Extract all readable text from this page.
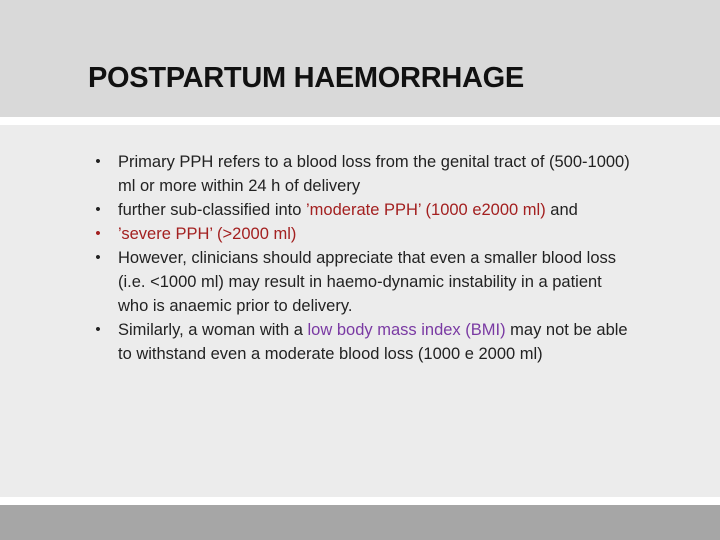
POSTPARTUM HAEMORRHAGE
•	Primary PPH refers to a blood loss from the genital tract of (500-1000) ml or more within 24 h of delivery
•	further sub-classified into ’moderate PPH’ (1000 e2000 ml) and
•	’severe PPH’ (>2000 ml)
•	However, clinicians should appreciate that even a smaller blood loss (i.e. <1000 ml) may result in haemo-dynamic instability in a patient who is anaemic prior to delivery.
•	Similarly, a woman with a low body mass index (BMI) may not be able to withstand even a moderate blood loss (1000 e 2000 ml)
